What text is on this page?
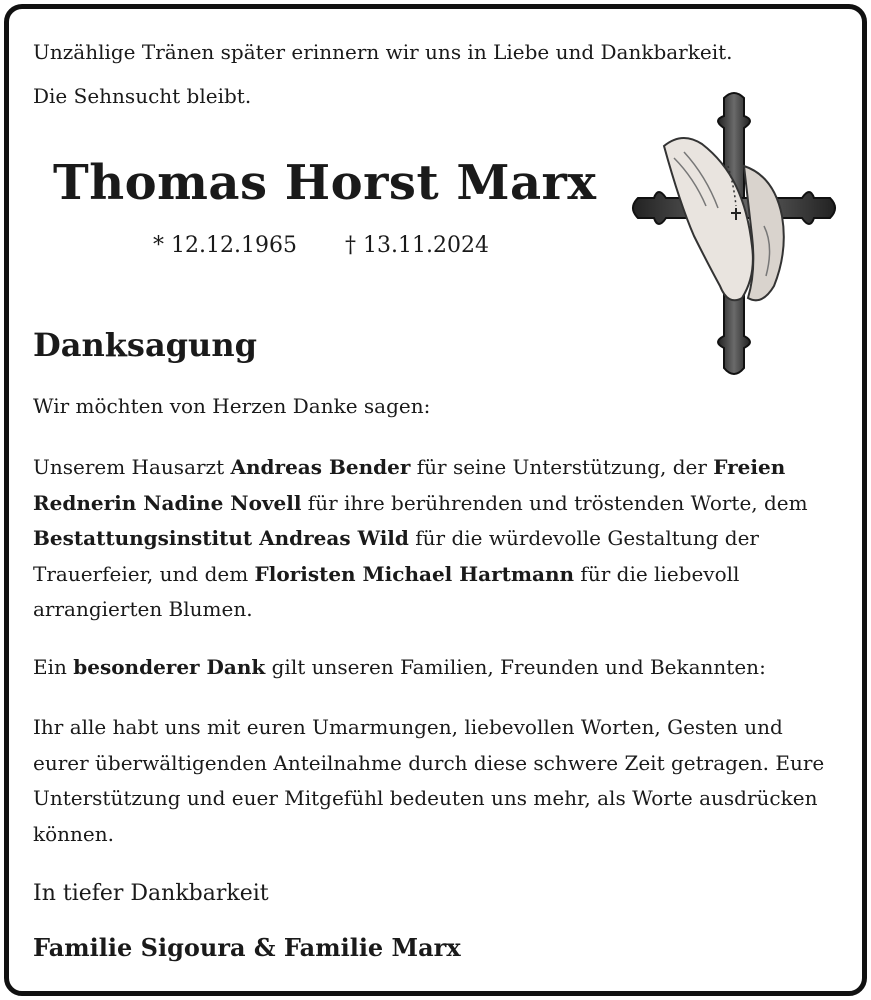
Unzählige Tränen später erinnern wir uns in Liebe und Dankbarkeit.
Die Sehnsucht bleibt.
Thomas Horst Marx
* 12.12.1965 † 13.11.2024
Danksagung
Wir möchten von Herzen Danke sagen:
Unserem Hausarzt Andreas Bender für seine Unterstützung, der Freien Rednerin Nadine Novell für ihre berührenden und tröstenden Worte, dem Bestattungsinstitut Andreas Wild für die würdevolle Gestaltung der Trauerfeier, und dem Floristen Michael Hartmann für die liebevoll arrangierten Blumen.
Ein besonderer Dank gilt unseren Familien, Freunden und Bekannten:
Ihr alle habt uns mit euren Umarmungen, liebevollen Worten, Gesten und eurer überwältigenden Anteilnahme durch diese schwere Zeit getragen. Eure Unterstützung und euer Mitgefühl bedeuten uns mehr, als Worte ausdrücken können.
In tiefer Dankbarkeit
Familie Sigoura & Familie Marx
